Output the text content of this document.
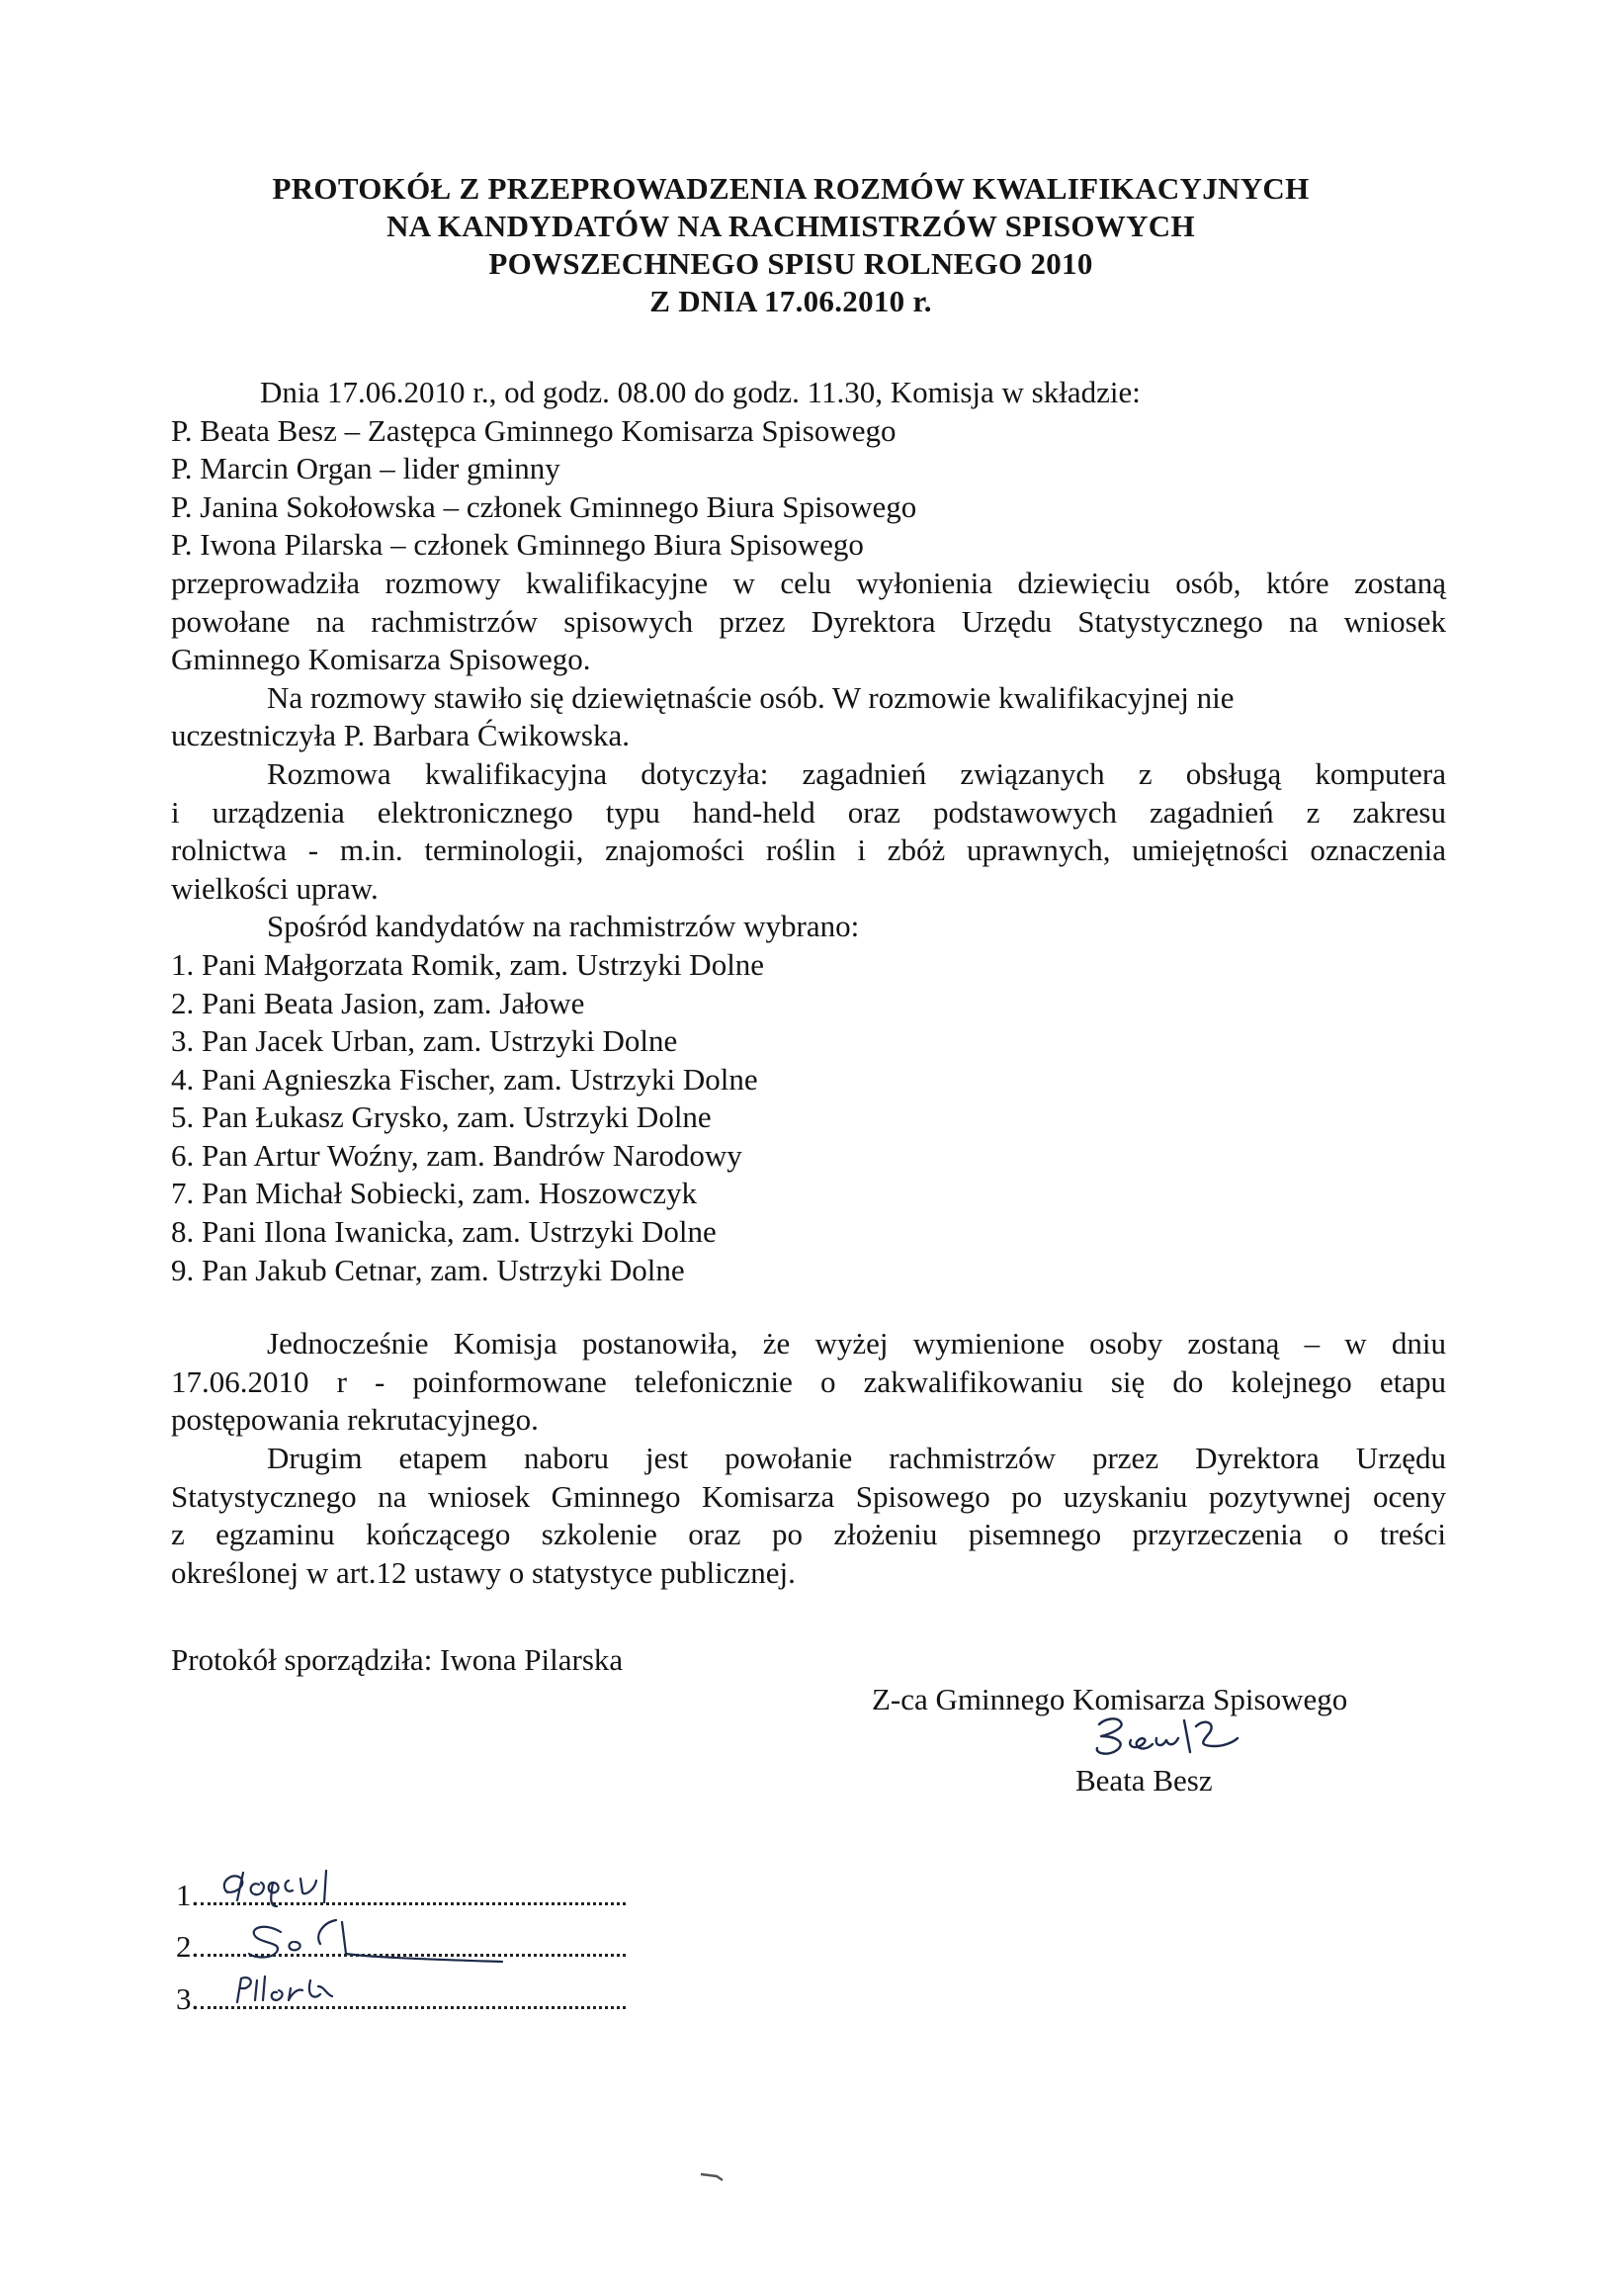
PROTOKÓŁ Z PRZEPROWADZENIA ROZMÓW KWALIFIKACYJNYCH
NA KANDYDATÓW NA RACHMISTRZÓW SPISOWYCH
POWSZECHNEGO SPISU ROLNEGO 2010
Z DNIA 17.06.2010 r.
Dnia 17.06.2010 r., od godz. 08.00 do godz. 11.30, Komisja w składzie:
P. Beata Besz – Zastępca Gminnego Komisarza Spisowego
P. Marcin Organ – lider gminny
P. Janina Sokołowska – członek Gminnego Biura Spisowego
P. Iwona Pilarska – członek Gminnego Biura Spisowego
przeprowadziła rozmowy kwalifikacyjne w celu wyłonienia dziewięciu osób, które zostaną
powołane na rachmistrzów spisowych przez Dyrektora Urzędu Statystycznego na wniosek
Gminnego Komisarza Spisowego.
Na rozmowy stawiło się dziewiętnaście osób. W rozmowie kwalifikacyjnej nie
uczestniczyła P. Barbara Ćwikowska.
Rozmowa kwalifikacyjna dotyczyła: zagadnień związanych z obsługą komputera
i urządzenia elektronicznego typu hand-held oraz podstawowych zagadnień z zakresu
rolnictwa - m.in. terminologii, znajomości roślin i zbóż uprawnych, umiejętności oznaczenia
wielkości upraw.
Spośród kandydatów na rachmistrzów wybrano:
1. Pani Małgorzata Romik, zam. Ustrzyki Dolne
2. Pani Beata Jasion, zam. Jałowe
3. Pan Jacek Urban, zam. Ustrzyki Dolne
4. Pani Agnieszka Fischer, zam. Ustrzyki Dolne
5. Pan Łukasz Grysko, zam. Ustrzyki Dolne
6. Pan Artur Woźny, zam. Bandrów Narodowy
7. Pan Michał Sobiecki, zam. Hoszowczyk
8. Pani Ilona Iwanicka, zam. Ustrzyki Dolne
9. Pan Jakub Cetnar, zam. Ustrzyki Dolne
Jednocześnie Komisja postanowiła, że wyżej wymienione osoby zostaną – w dniu
17.06.2010 r - poinformowane telefonicznie o zakwalifikowaniu się do kolejnego etapu
postępowania rekrutacyjnego.
Drugim etapem naboru jest powołanie rachmistrzów przez Dyrektora Urzędu
Statystycznego na wniosek Gminnego Komisarza Spisowego po uzyskaniu pozytywnej oceny
z egzaminu kończącego szkolenie oraz po złożeniu pisemnego przyrzeczenia o treści
określonej w art.12 ustawy o statystyce publicznej.
Protokół sporządziła: Iwona Pilarska
Z-ca Gminnego Komisarza Spisowego
Beata Besz
1.
2.
3.
